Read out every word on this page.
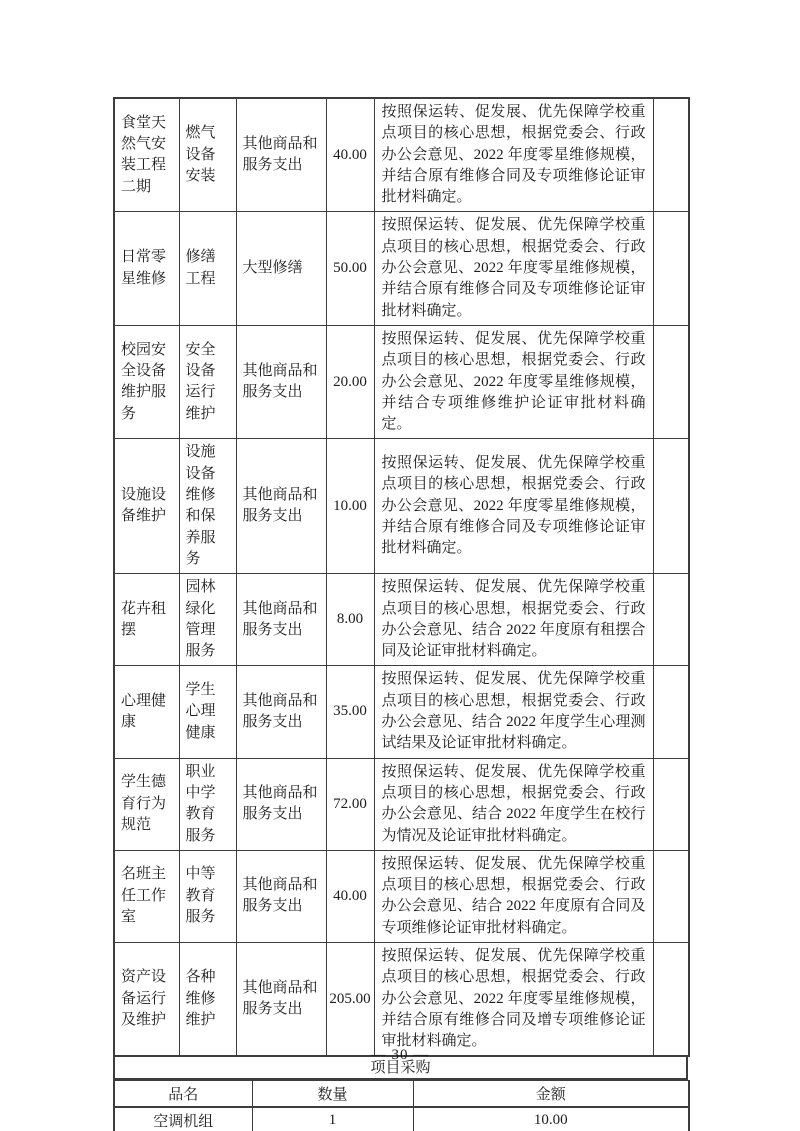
食堂天然气安装工程二期	燃气设备安装	其他商品和服务支出	40.00	按照保运转、促发展、优先保障学校重点项目的核心思想，根据党委会、行政办公会意见、2022 年度零星维修规模，并结合原有维修合同及专项维修论证审批材料确定。	
日常零星维修	修缮工程	大型修缮	50.00	按照保运转、促发展、优先保障学校重点项目的核心思想，根据党委会、行政办公会意见、2022 年度零星维修规模，并结合原有维修合同及专项维修论证审批材料确定。	
校园安全设备维护服务	安全设备运行维护	其他商品和服务支出	20.00	按照保运转、促发展、优先保障学校重点项目的核心思想，根据党委会、行政办公会意见、2022 年度零星维修规模，并结合专项维修维护论证审批材料确定。	
设施设备维护	设施设备维修和保养服务	其他商品和服务支出	10.00	按照保运转、促发展、优先保障学校重点项目的核心思想，根据党委会、行政办公会意见、2022 年度零星维修规模，并结合原有维修合同及专项维修论证审批材料确定。	
花卉租摆	园林绿化管理服务	其他商品和服务支出	8.00	按照保运转、促发展、优先保障学校重点项目的核心思想，根据党委会、行政办公会意见、结合 2022 年度原有租摆合同及论证审批材料确定。	
心理健康	学生心理健康	其他商品和服务支出	35.00	按照保运转、促发展、优先保障学校重点项目的核心思想，根据党委会、行政办公会意见、结合 2022 年度学生心理测试结果及论证审批材料确定。	
学生德育行为规范	职业中学教育服务	其他商品和服务支出	72.00	按照保运转、促发展、优先保障学校重点项目的核心思想，根据党委会、行政办公会意见、结合 2022 年度学生在校行为情况及论证审批材料确定。	
名班主任工作室	中等教育服务	其他商品和服务支出	40.00	按照保运转、促发展、优先保障学校重点项目的核心思想，根据党委会、行政办公会意见、结合 2022 年度原有合同及专项维修论证审批材料确定。	
资产设备运行及维护	各种维修维护	其他商品和服务支出	205.00	按照保运转、促发展、优先保障学校重点项目的核心思想，根据党委会、行政办公会意见、2022 年度零星维修规模，并结合原有维修合同及增专项维修论证审批材料确定。	
项目采购
品名	数量	金额
空调机组	1	10.00
— 30 —
